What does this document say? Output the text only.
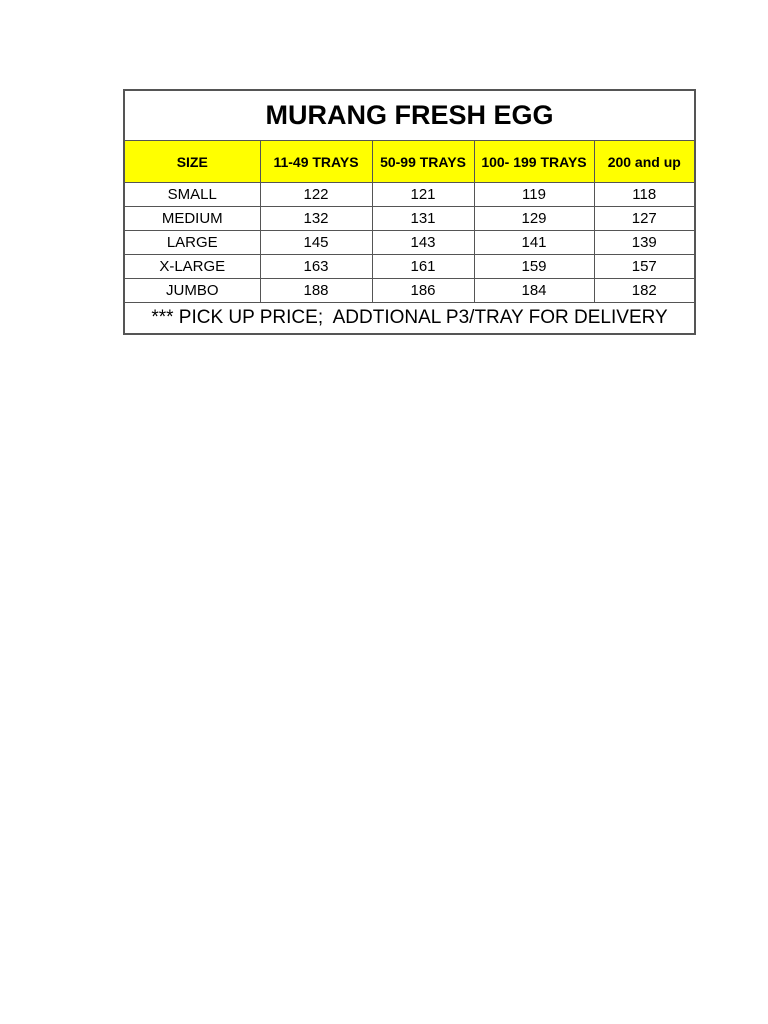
MURANG FRESH EGG				
SIZE	11-49 TRAYS	50-99 TRAYS	100- 199 TRAYS	200 and up
SMALL	122	121	119	118
MEDIUM	132	131	129	127
LARGE	145	143	141	139
X-LARGE	163	161	159	157
JUMBO	188	186	184	182
*** PICK UP PRICE;  ADDTIONAL P3/TRAY FOR DELIVERY				
